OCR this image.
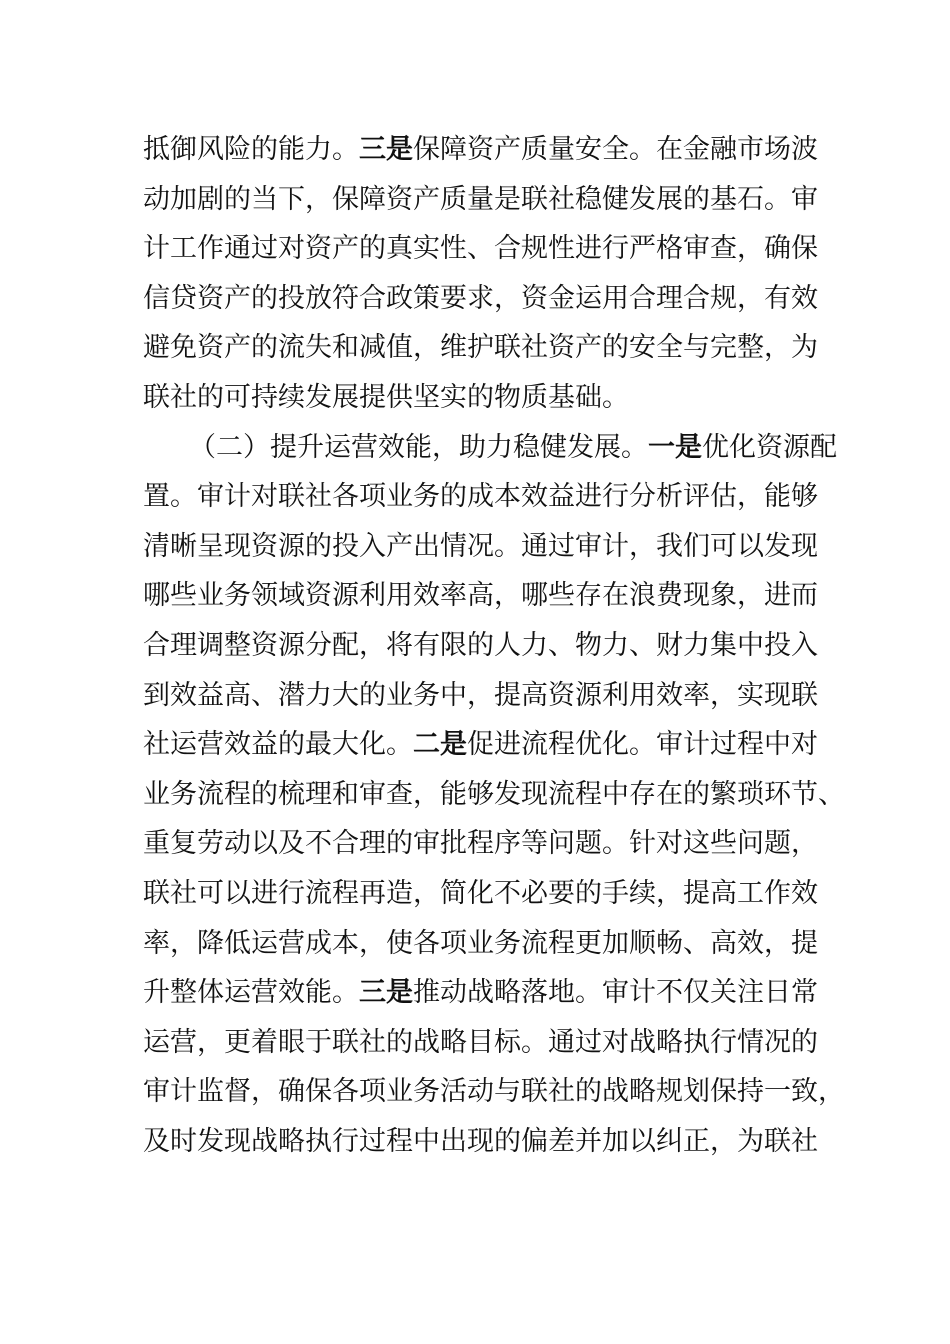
抵御风险的能力。三是保障资产质量安全。在金融市场波
动加剧的当下，保障资产质量是联社稳健发展的基石。审
计工作通过对资产的真实性、合规性进行严格审查，确保
信贷资产的投放符合政策要求，资金运用合理合规，有效
避免资产的流失和减值，维护联社资产的安全与完整，为
联社的可持续发展提供坚实的物质基础。
（二）提升运营效能，助力稳健发展。一是优化资源配
置。审计对联社各项业务的成本效益进行分析评估，能够
清晰呈现资源的投入产出情况。通过审计，我们可以发现
哪些业务领域资源利用效率高，哪些存在浪费现象，进而
合理调整资源分配，将有限的人力、物力、财力集中投入
到效益高、潜力大的业务中，提高资源利用效率，实现联
社运营效益的最大化。二是促进流程优化。审计过程中对
业务流程的梳理和审查，能够发现流程中存在的繁琐环节、
重复劳动以及不合理的审批程序等问题。针对这些问题，
联社可以进行流程再造，简化不必要的手续，提高工作效
率，降低运营成本，使各项业务流程更加顺畅、高效，提
升整体运营效能。三是推动战略落地。审计不仅关注日常
运营，更着眼于联社的战略目标。通过对战略执行情况的
审计监督，确保各项业务活动与联社的战略规划保持一致，
及时发现战略执行过程中出现的偏差并加以纠正，为联社
